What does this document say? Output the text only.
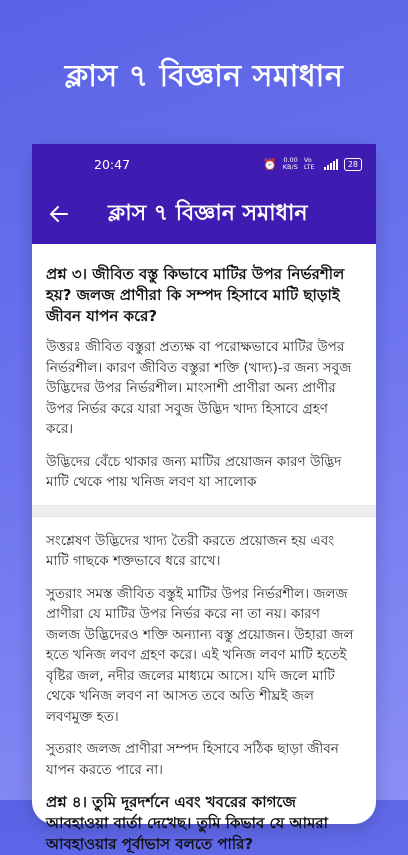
ক্লাস ৭ বিজ্ঞান সমাধান
20:47	⏰ 0.00
KB/S
Vo LTE	28
ক্লাস ৭ বিজ্ঞান সমাধান
প্রশ্ন ৩। জীবিত বস্তু কিভাবে মাটির উপর নির্ভরশীল হয়? জলজ প্রাণীরা কি সম্পদ হিসাবে মাটি ছাড়াই জীবন যাপন করে?
উত্তরঃ জীবিত বস্তুরা প্রত্যক্ষ বা পরোক্ষভাবে মাটির উপর নির্ভরশীল। কারণ জীবিত বস্তুরা শক্তি (খাদ্য)-র জন্য সবুজ উদ্ভিদের উপর নির্ভরশীল। মাংসাশী প্রাণীরা অন্য প্রাণীর উপর নির্ভর করে যারা সবুজ উদ্ভিদ খাদ্য হিসাবে গ্রহণ করে।
উদ্ভিদের বেঁচে থাকার জন্য মাটির প্রয়োজন কারণ উদ্ভিদ মাটি থেকে পায় খনিজ লবণ যা সালোক
সংশ্লেষণ উদ্ভিদের খাদ্য তৈরী করতে প্রয়োজন হয় এবং মাটি গাছকে শক্তভাবে ধরে রাখে।
সুতরাং সমস্ত জীবিত বস্তুই মাটির উপর নির্ভরশীল। জলজ প্রাণীরা যে মাটির উপর নির্ভর করে না তা নয়। কারণ জলজ উদ্ভিদেরও শক্তি অন্যান্য বস্তু প্রয়োজন। উহারা জল হতে খনিজ লবণ গ্রহণ করে। এই খনিজ লবণ মাটি হতেই বৃষ্টির জল, নদীর জলের মাধ্যমে আসে। যদি জলে মাটি থেকে খনিজ লবণ না আসত তবে অতি শীঘ্রই জল লবণমুক্ত হত।
সুতরাং জলজ প্রাণীরা সম্পদ হিসাবে সঠিক ছাড়া জীবন যাপন করতে পারে না।
প্রশ্ন ৪। তুমি দূরদর্শনে এবং খবরের কাগজে আবহাওয়া বার্তা দেখেছ। তুমি কিভাব যে আমরা আবহাওয়ার পূর্বাভাস বলতে পারি?
